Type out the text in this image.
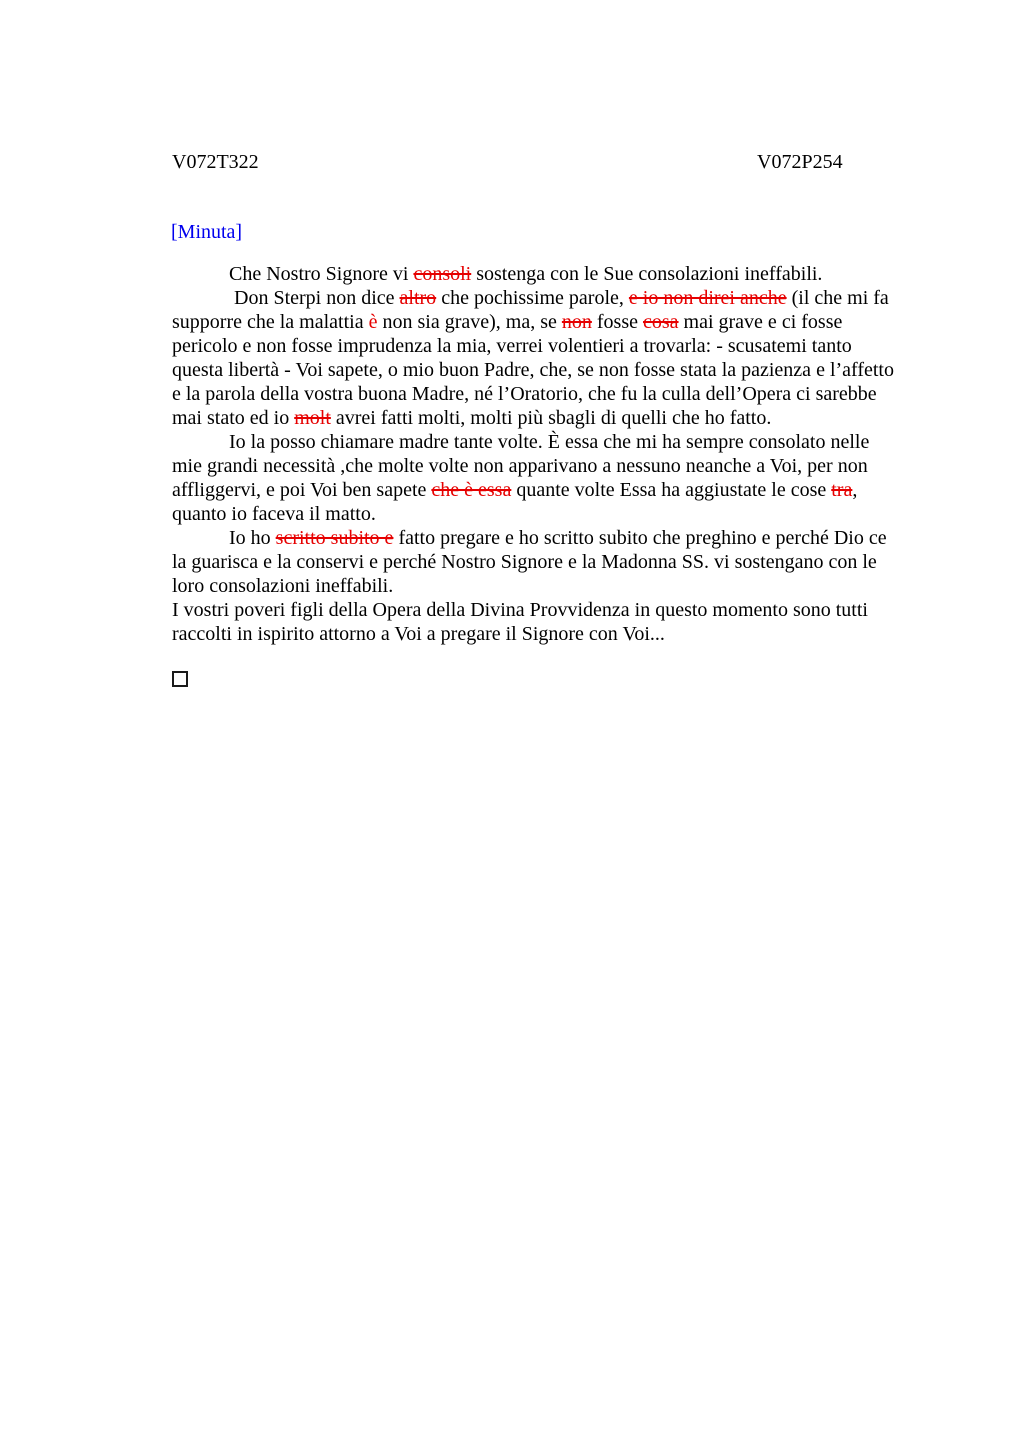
V072T322	V072P254
[Minuta]
Che Nostro Signore vi consoli sostenga con le Sue consolazioni ineffabili.
Don Sterpi non dice altro che pochissime parole, e io non direi anche (il che mi fa
supporre che la malattia è non sia grave), ma, se non fosse cosa mai grave e ci fosse
pericolo e non fosse imprudenza la mia, verrei volentieri a trovarla: - scusatemi tanto
questa libertà - Voi sapete, o mio buon Padre, che, se non fosse stata la pazienza e l’affetto
e la parola della vostra buona Madre, né l’Oratorio, che fu la culla dell’Opera ci sarebbe
mai stato ed io molt avrei fatti molti, molti più sbagli di quelli che ho fatto.
Io la posso chiamare madre tante volte. È essa che mi ha sempre consolato nelle
mie grandi necessità ,che molte volte non apparivano a nessuno neanche a Voi, per non
affliggervi, e poi Voi ben sapete che è essa quante volte Essa ha aggiustate le cose tra,
quanto io faceva il matto.
Io ho scritto subito e fatto pregare e ho scritto subito che preghino e perché Dio ce
la guarisca e la conservi e perché Nostro Signore e la Madonna SS. vi sostengano con le
loro consolazioni ineffabili.
I vostri poveri figli della Opera della Divina Provvidenza in questo momento sono tutti
raccolti in ispirito attorno a Voi a pregare il Signore con Voi...
